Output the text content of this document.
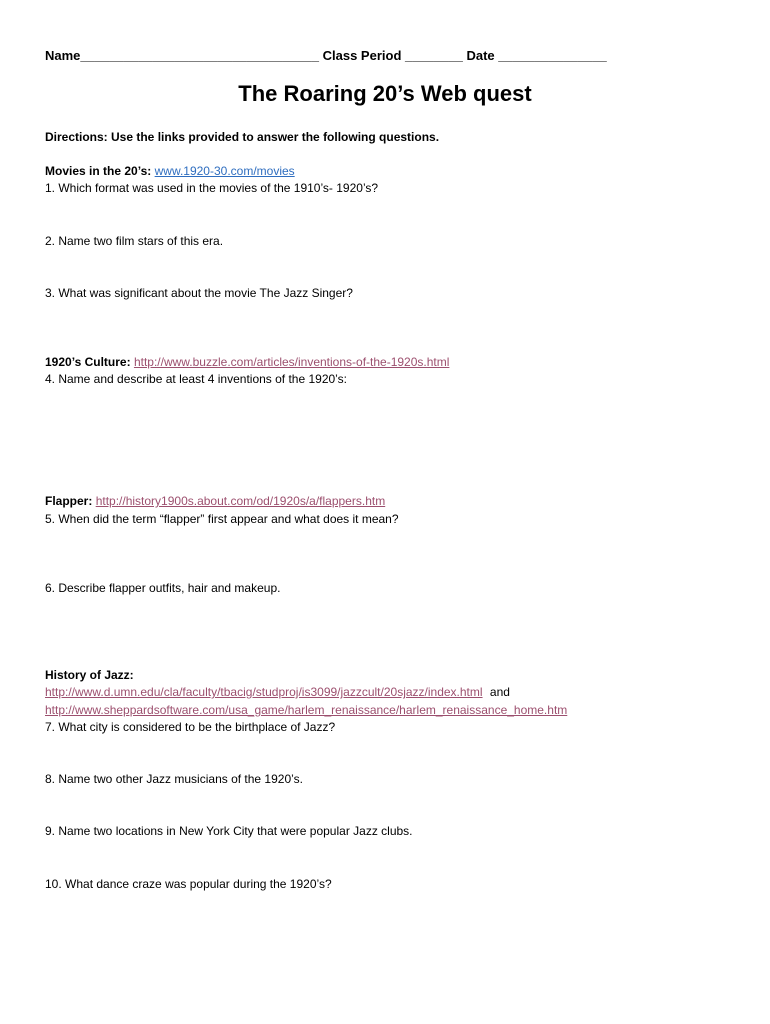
Name_________________________________ Class Period ________ Date _______________
The Roaring 20’s Web quest
Directions: Use the links provided to answer the following questions.
Movies in the 20’s: www.1920-30.com/movies
1. Which format was used in the movies of the 1910’s- 1920’s?
2. Name two film stars of this era.
3. What was significant about the movie The Jazz Singer?
1920’s Culture: http://www.buzzle.com/articles/inventions-of-the-1920s.html
4. Name and describe at least 4 inventions of the 1920’s:
Flapper: http://history1900s.about.com/od/1920s/a/flappers.htm
5. When did the term “flapper” first appear and what does it mean?
6. Describe flapper outfits, hair and makeup.
History of Jazz:
http://www.d.umn.edu/cla/faculty/tbacig/studproj/is3099/jazzcult/20sjazz/index.html and
http://www.sheppardsoftware.com/usa_game/harlem_renaissance/harlem_renaissance_home.htm
7. What city is considered to be the birthplace of Jazz?
8. Name two other Jazz musicians of the 1920’s.
9. Name two locations in New York City that were popular Jazz clubs.
10. What dance craze was popular during the 1920’s?
